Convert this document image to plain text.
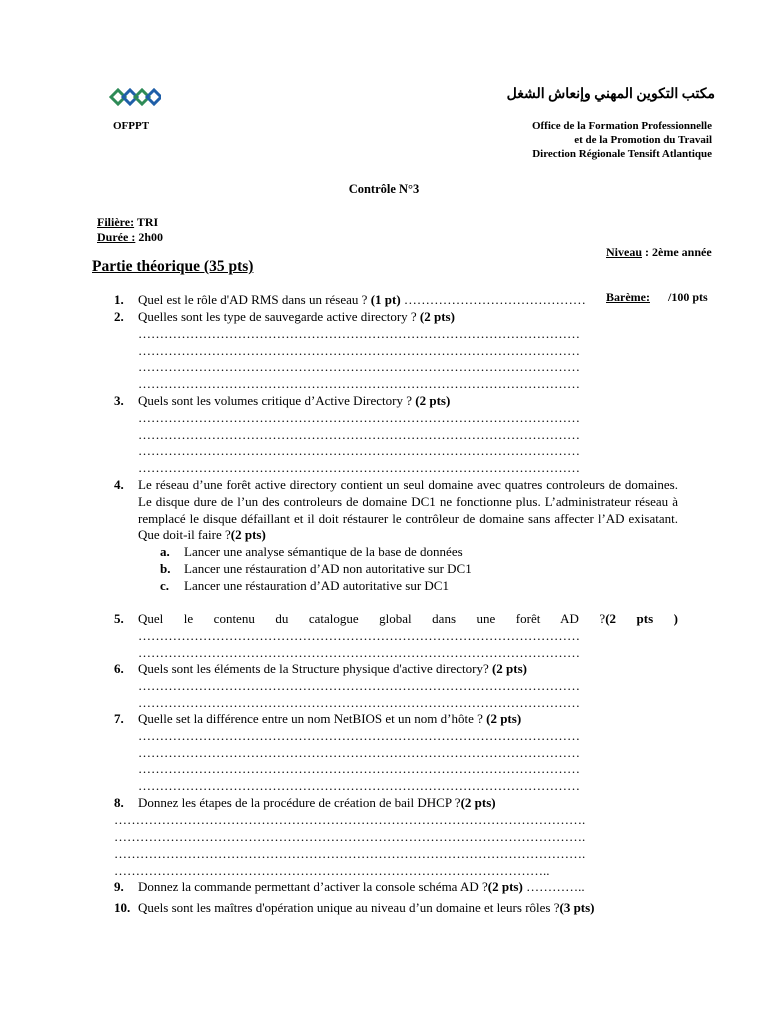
OFPPT
مكتب التكوين المهني وإنعاش الشغل
Office de la Formation Professionnelle
et de la Promotion du Travail
Direction Régionale Tensift Atlantique
Contrôle N°3
Filière: TRI
Durée : 2h00

Niveau : 2ème année

Barème:      /100 pts

Partie théorique (35 pts)
1.	Quel est le rôle d'AD RMS dans un réseau ? (1 pt) ……………………………………
2.	Quelles sont les type de sauvegarde active directory ? (2 pts)
…………………………………………………………………………………………
…………………………………………………………………………………………
…………………………………………………………………………………………
…………………………………………………………………………………………
3.	Quels sont les volumes critique d’Active Directory ? (2 pts)
…………………………………………………………………………………………
…………………………………………………………………………………………
…………………………………………………………………………………………
…………………………………………………………………………………………
4.	Le réseau d’une forêt active directory contient un seul domaine avec quatres controleurs de domaines. Le disque dure de l’un des controleurs de domaine DC1 ne fonctionne plus. L’administrateur réseau à remplacé le disque défaillant et il doit réstaurer le contrôleur de domaine sans affecter l’AD exisatant. Que doit-il faire ?(2 pts)
a. Lancer une analyse sémantique de la base de données
b. Lancer une réstauration d’AD non autoritative sur DC1
c. Lancer une réstauration d’AD autoritative sur DC1
5.	Quel le contenu du catalogue global dans une forêt AD ?(2 pts )
…………………………………………………………………………………………
…………………………………………………………………………………………
6.	Quels sont les éléments de la Structure physique d'active directory? (2 pts)
…………………………………………………………………………………………
…………………………………………………………………………………………
7.	Quelle set la différence entre un nom NetBIOS et un nom d’hôte ? (2 pts)
…………………………………………………………………………………………
…………………………………………………………………………………………
…………………………………………………………………………………………
…………………………………………………………………………………………
8.	Donnez les étapes de la procédure de création de bail DHCP ?(2 pts)
……………………………………………………………………………………………….
……………………………………………………………………………………………….
……………………………………………………………………………………………….
………………………………………………………………………………………..
9.	Donnez la commande permettant d’activer la console schéma AD ?(2 pts) …………..
10. Quels sont les maîtres d'opération unique au niveau d’un domaine et leurs rôles ?(3 pts)
